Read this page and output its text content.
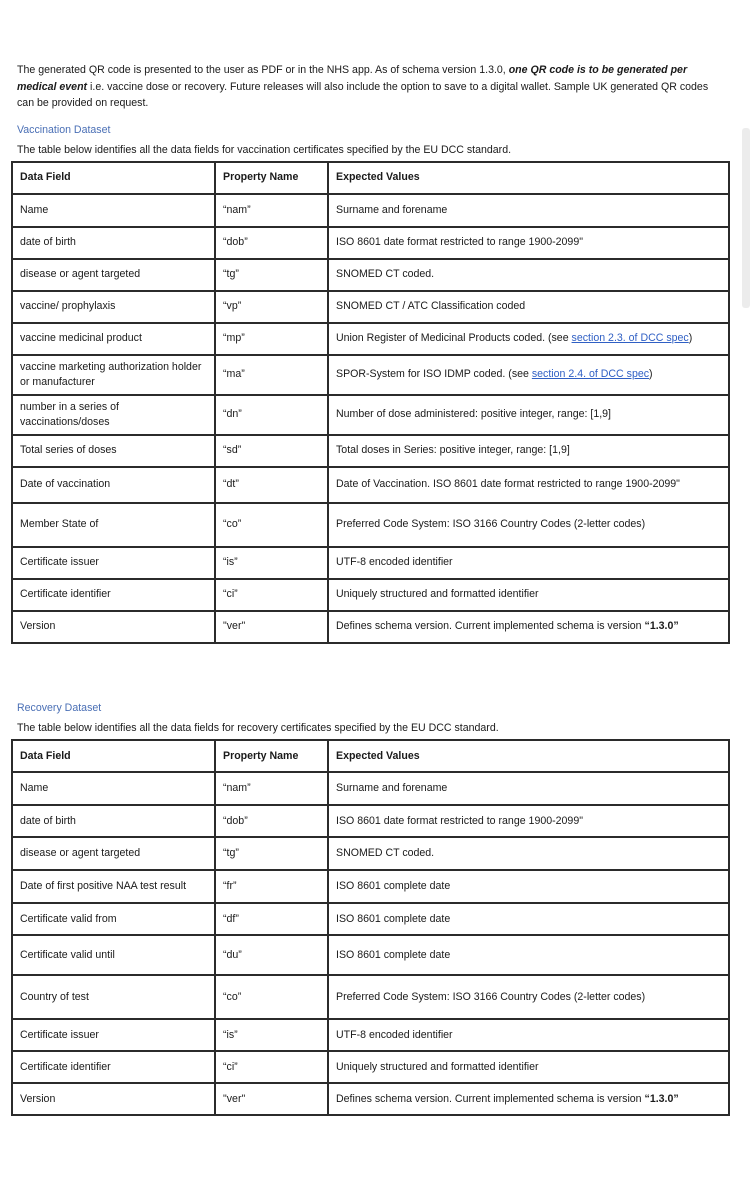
The generated QR code is presented to the user as PDF or in the NHS app. As of schema version 1.3.0, one QR code is to be generated per medical event i.e. vaccine dose or recovery. Future releases will also include the option to save to a digital wallet. Sample UK generated QR codes can be provided on request.

Vaccination Dataset
The table below identifies all the data fields for vaccination certificates specified by the EU DCC standard.
Data Field	Property Name	Expected Values
Name	“nam”	Surname and forename
date of birth	“dob”	ISO 8601 date format restricted to range 1900-2099"
disease or agent targeted	“tg”	SNOMED CT coded.
vaccine/ prophylaxis	“vp”	SNOMED CT / ATC Classification coded
vaccine medicinal product	“mp”	Union Register of Medicinal Products coded. (see section 2.3. of DCC spec)
vaccine marketing authorization holder or manufacturer	“ma”	SPOR-System for ISO IDMP coded. (see section 2.4. of DCC spec)
number in a series of vaccinations/doses	“dn”	Number of dose administered: positive integer, range: [1,9]
Total series of doses	“sd”	Total doses in Series: positive integer, range: [1,9]
Date of vaccination	“dt”	Date of Vaccination. ISO 8601 date format restricted to range 1900-2099"
Member State of	“co”	Preferred Code System: ISO 3166 Country Codes (2-letter codes)
Certificate issuer	“is”	UTF-8 encoded identifier
Certificate identifier	“ci”	Uniquely structured and formatted identifier
Version	"ver"	Defines schema version. Current implemented schema is version “1.3.0”
Recovery Dataset
The table below identifies all the data fields for recovery certificates specified by the EU DCC standard.
Data Field	Property Name	Expected Values
Name	“nam”	Surname and forename
date of birth	“dob”	ISO 8601 date format restricted to range 1900-2099"
disease or agent targeted	“tg”	SNOMED CT coded.
Date of first positive NAA test result	“fr”	ISO 8601 complete date
Certificate valid from	“df”	ISO 8601 complete date
Certificate valid until	“du”	ISO 8601 complete date
Country of test	“co”	Preferred Code System: ISO 3166 Country Codes (2-letter codes)
Certificate issuer	“is”	UTF-8 encoded identifier
Certificate identifier	“ci”	Uniquely structured and formatted identifier
Version	"ver"	Defines schema version. Current implemented schema is version “1.3.0”
